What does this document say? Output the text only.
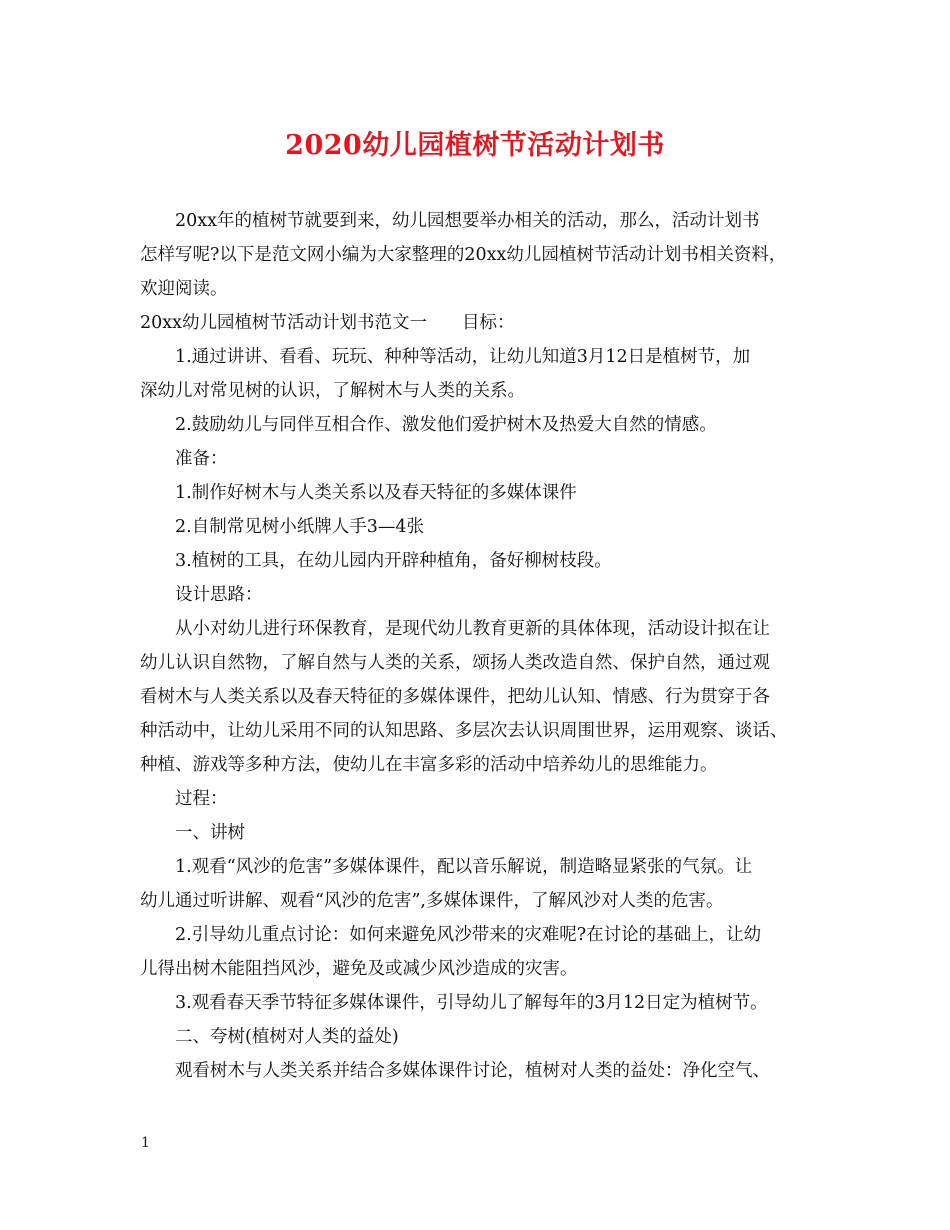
2020幼儿园植树节活动计划书
20xx年的植树节就要到来，幼儿园想要举办相关的活动，那么，活动计划书
怎样写呢?以下是范文网小编为大家整理的20xx幼儿园植树节活动计划书相关资料，
欢迎阅读。
20xx幼儿园植树节活动计划书范文一　　目标：
1.通过讲讲、看看、玩玩、种种等活动，让幼儿知道3月12日是植树节，加
深幼儿对常见树的认识，了解树木与人类的关系。
2.鼓励幼儿与同伴互相合作、激发他们爱护树木及热爱大自然的情感。
准备：
1.制作好树木与人类关系以及春天特征的多媒体课件
2.自制常见树小纸牌人手3—4张
3.植树的工具，在幼儿园内开辟种植角，备好柳树枝段。
设计思路：
从小对幼儿进行环保教育，是现代幼儿教育更新的具体体现，活动设计拟在让
幼儿认识自然物，了解自然与人类的关系，颂扬人类改造自然、保护自然，通过观
看树木与人类关系以及春天特征的多媒体课件，把幼儿认知、情感、行为贯穿于各
种活动中，让幼儿采用不同的认知思路、多层次去认识周围世界，运用观察、谈话、
种植、游戏等多种方法，使幼儿在丰富多彩的活动中培养幼儿的思维能力。
过程：
一、讲树
1.观看“风沙的危害”多媒体课件，配以音乐解说，制造略显紧张的气氛。让
幼儿通过听讲解、观看“风沙的危害”,多媒体课件，了解风沙对人类的危害。
2.引导幼儿重点讨论：如何来避免风沙带来的灾难呢?在讨论的基础上，让幼
儿得出树木能阻挡风沙，避免及或减少风沙造成的灾害。
3.观看春天季节特征多媒体课件，引导幼儿了解每年的3月12日定为植树节。
二、夸树(植树对人类的益处)
观看树木与人类关系并结合多媒体课件讨论，植树对人类的益处：净化空气、
1
